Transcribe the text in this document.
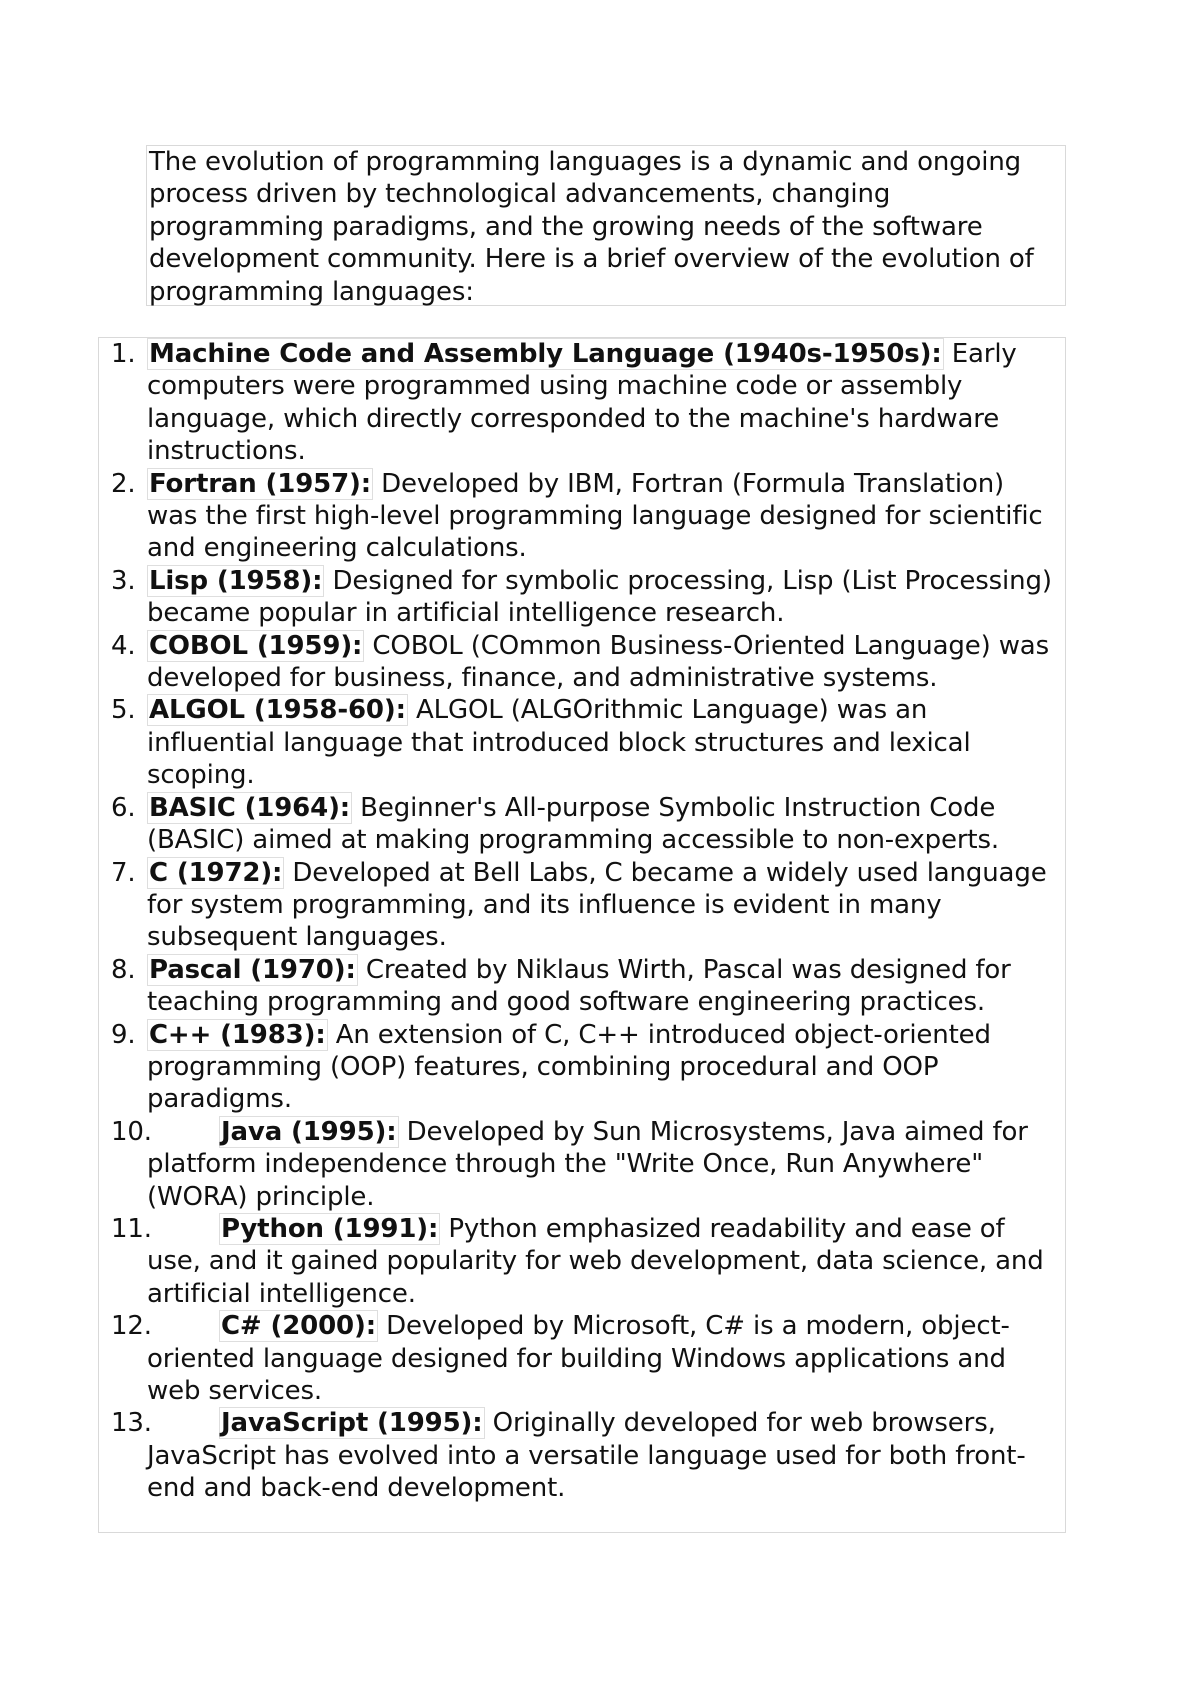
The evolution of programming languages is a dynamic and ongoing process driven by technological advancements, changing programming paradigms, and the growing needs of the software development community. Here is a brief overview of the evolution of programming languages:

1. Machine Code and Assembly Language (1940s-1950s): Early computers were programmed using machine code or assembly language, which directly corresponded to the machine's hardware instructions.
2. Fortran (1957): Developed by IBM, Fortran (Formula Translation) was the first high-level programming language designed for scientific and engineering calculations.
3. Lisp (1958): Designed for symbolic processing, Lisp (List Processing) became popular in artificial intelligence research.
4. COBOL (1959): COBOL (COmmon Business-Oriented Language) was developed for business, finance, and administrative systems.
5. ALGOL (1958-60): ALGOL (ALGOrithmic Language) was an influential language that introduced block structures and lexical scoping.
6. BASIC (1964): Beginner's All-purpose Symbolic Instruction Code (BASIC) aimed at making programming accessible to non-experts.
7. C (1972): Developed at Bell Labs, C became a widely used language for system programming, and its influence is evident in many subsequent languages.
8. Pascal (1970): Created by Niklaus Wirth, Pascal was designed for teaching programming and good software engineering practices.
9. C++ (1983): An extension of C, C++ introduced object-oriented programming (OOP) features, combining procedural and OOP paradigms.
10.	Java (1995): Developed by Sun Microsystems, Java aimed for platform independence through the "Write Once, Run Anywhere" (WORA) principle.
11.	Python (1991): Python emphasized readability and ease of use, and it gained popularity for web development, data science, and artificial intelligence.
12.	C# (2000): Developed by Microsoft, C# is a modern, object-oriented language designed for building Windows applications and web services.
13.	JavaScript (1995): Originally developed for web browsers, JavaScript has evolved into a versatile language used for both front-end and back-end development.
